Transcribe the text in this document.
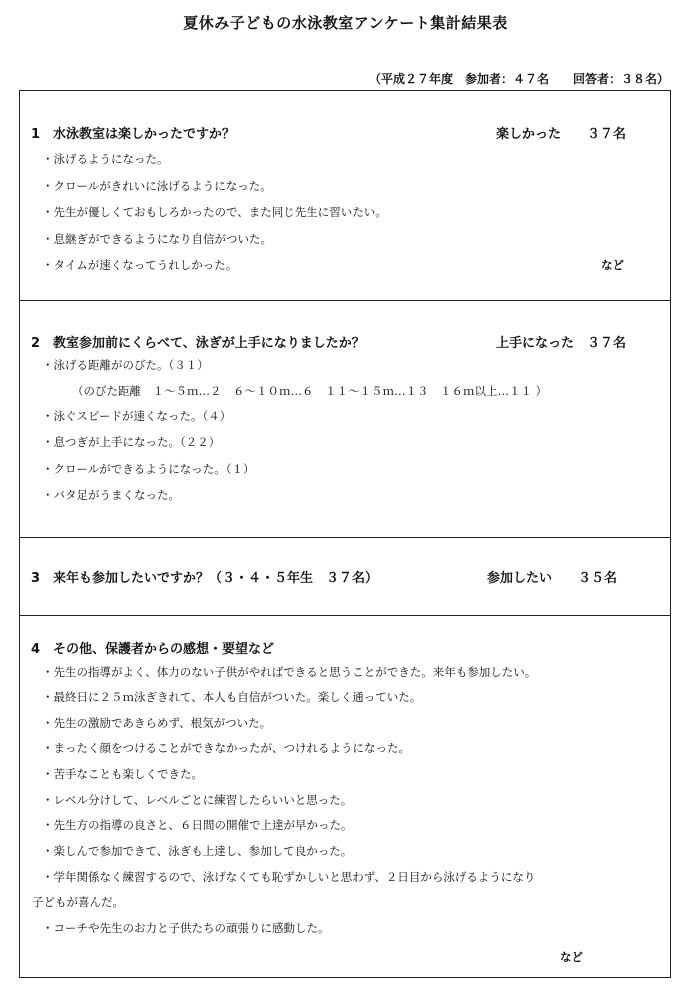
夏休み子どもの水泳教室アンケート集計結果表
（平成２７年度　参加者：４７名　　回答者：３８名）
1　水泳教室は楽しかったですか？	楽しかった　　３７名
・泳げるようになった。
・クロールがきれいに泳げるようになった。
・先生が優しくておもしろかったので、また同じ先生に習いたい。
・息継ぎができるようになり自信がついた。
・タイムが速くなってうれしかった。	など
2　教室参加前にくらべて、泳ぎが上手になりましたか？	上手になった　３７名
・泳げる距離がのびた。（３１）
（のびた距離　１～５ｍ…２　６～１０ｍ…６　１１～１５ｍ…１３　１６ｍ以上…１１ ）
・泳ぐスピードが速くなった。（４）
・息つぎが上手になった。（２２）
・クロールができるようになった。（１）
・バタ足がうまくなった。
3　来年も参加したいですか？（３・４・５年生　３７名）	参加したい　　３５名
4　その他、保護者からの感想・要望など
・先生の指導がよく、体力のない子供がやればできると思うことができた。来年も参加したい。
・最終日に２５ｍ泳ぎきれて、本人も自信がついた。楽しく通っていた。
・先生の激励であきらめず、根気がついた。
・まったく顔をつけることができなかったが、つけれるようになった。
・苦手なことも楽しくできた。
・レベル分けして、レベルごとに練習したらいいと思った。
・先生方の指導の良さと、６日間の開催で上達が早かった。
・楽しんで参加できて、泳ぎも上達し、参加して良かった。
・学年関係なく練習するので、泳げなくても恥ずかしいと思わず、２日目から泳げるようになり
子どもが喜んだ。
・コーチや先生のお力と子供たちの頑張りに感動した。
など
